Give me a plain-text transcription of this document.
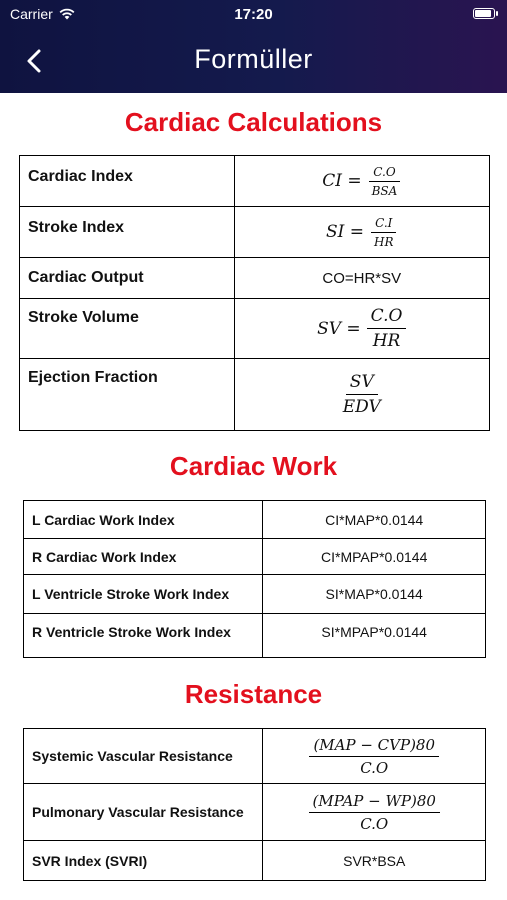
Carrier	17:20
Formüller
Cardiac Calculations
Cardiac Index	CI = $\frac{C.O}{\text{BSA}}$

Stroke Index	SI = $\frac{C.I}{HR}$

Cardiac Output	CO=HR*SV
Stroke Volume	SV = $\frac{C.O}{HR}$

Ejection Fraction	$\frac{SV}{\text{EDV}}$
Cardiac Work
L Cardiac Work Index	CI*MAP*0.0144
R Cardiac Work Index	CI*MPAP*0.0144
L Ventricle Stroke Work Index	SI*MAP*0.0144
R Ventricle Stroke Work Index	SI*MPAP*0.0144
Resistance
Systemic Vascular Resistance	$\frac{\text{(MAP − CVP)80}}{C.O}$

Pulmonary Vascular Resistance	$\frac{\text{(MPAP − WP)80}}{C.O}$

SVR Index (SVRI)	SVR*BSA
